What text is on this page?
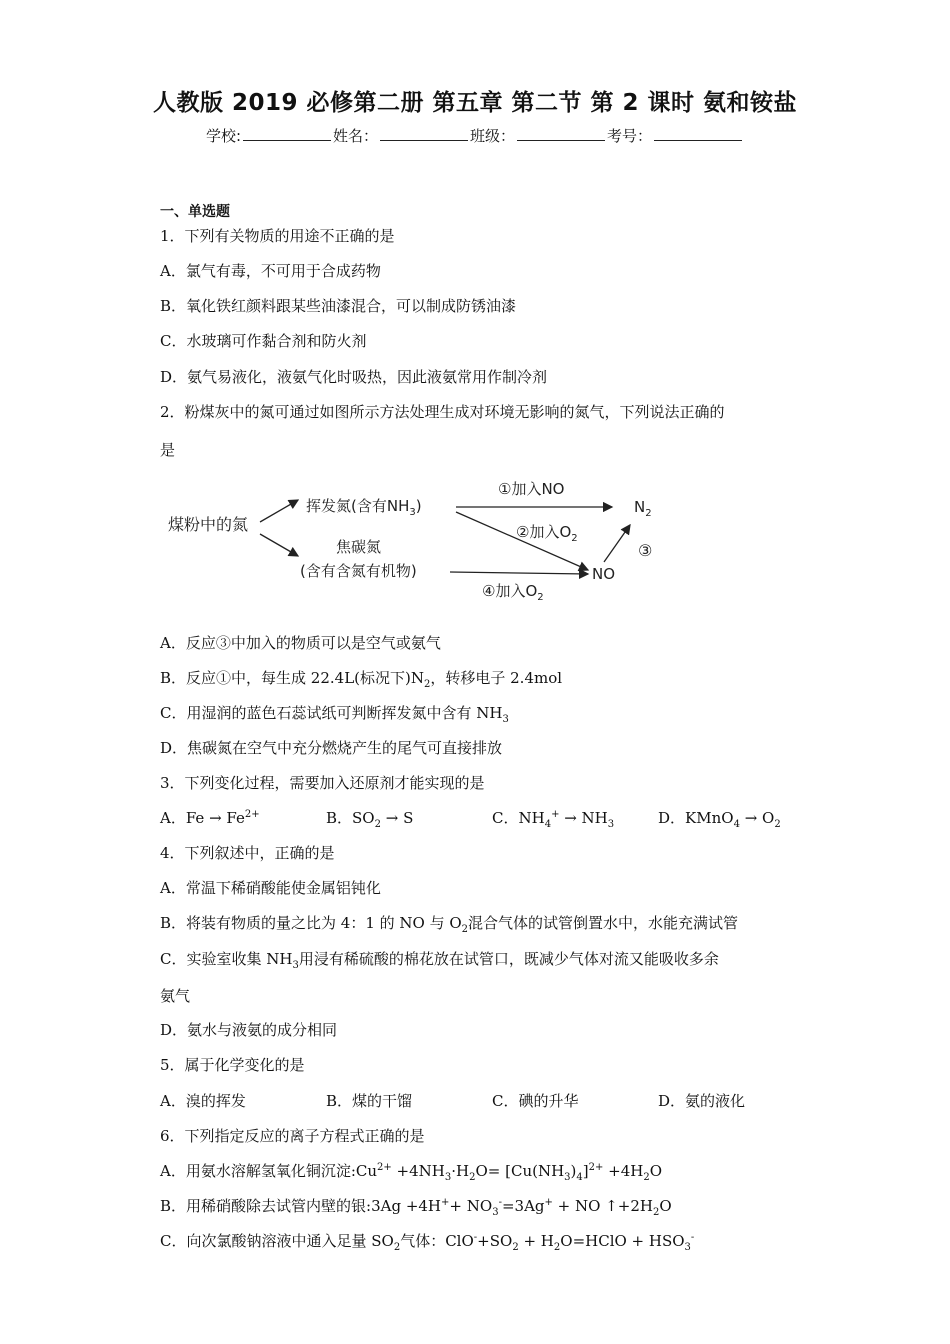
人教版 2019 必修第二册 第五章 第二节 第 2 课时 氨和铵盐
学校:	姓名：	班级：	考号：
一、单选题
1．下列有关物质的用途不正确的是
A．氯气有毒，不可用于合成药物
B．氧化铁红颜料跟某些油漆混合，可以制成防锈油漆
C．水玻璃可作黏合剂和防火剂
D．氨气易液化，液氨气化时吸热，因此液氨常用作制冷剂
2．粉煤灰中的氮可通过如图所示方法处理生成对环境无影响的氮气，下列说法正确的
是
煤粉中的氮
挥发氮(含有$NH_3$)
焦碳氮
(含有含氮有机物)
①加入NO
②加入$O_2$
④加入$O_2$
$N_2$
NO
③
A．反应③中加入的物质可以是空气或氨气
B．反应①中，每生成 22.4L(标况下)$N_2$，转移电子 2.4mol
C．用湿润的蓝色石蕊试纸可判断挥发氮中含有 $NH_3$
D．焦碳氮在空气中充分燃烧产生的尾气可直接排放
3．下列变化过程，需要加入还原剂才能实现的是
A．$Fe \to Fe^{2+}$	B．$SO_2 \to S$	C．$NH_4^+ \to NH_3$	D．KMnO$_4$ → $O_2$
4．下列叙述中，正确的是
A．常温下稀硝酸能使金属铝钝化
B．将装有物质的量之比为 4：1 的 NO 与 $O_2$混合气体的试管倒置水中，水能充满试管
C．实验室收集 $NH_3$用浸有稀硫酸的棉花放在试管口，既减少气体对流又能吸收多余
氨气
D．氨水与液氨的成分相同
5．属于化学变化的是
A．溴的挥发	B．煤的干馏	C．碘的升华	D．氨的液化
6．下列指定反应的离子方程式正确的是
A．用氨水溶解氢氧化铜沉淀$:Cu^{2+} +4NH_3\cdot H_2O= [Cu(NH_3)_4]^{2+} +4H_2O$
B．用稀硝酸除去试管内壁的银:3Ag $+4H^++ NO_3^-=3Ag^+$ + NO $↑+2H_2O$
C．向次氯酸钠溶液中通入足量 $SO_2$气体：$ClO^-+SO_2$ + $H_2O=HClO + HSO_3^-$
